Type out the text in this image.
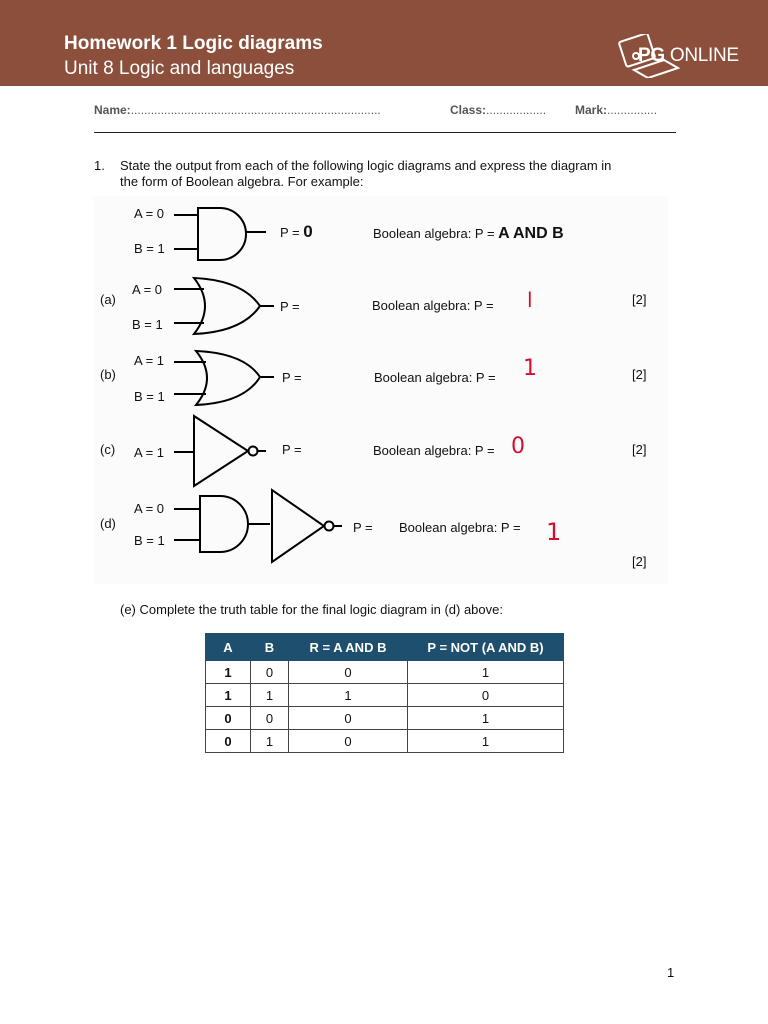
Homework 1 Logic diagrams
Unit 8 Logic and languages
PG ONLINE
Name:...........................................................................	Class:.................. Mark:...............
1. State the output from each of the following logic diagrams and express the diagram in
the form of Boolean algebra. For example:
A = 0
B = 1
P = 0	Boolean algebra: P = A AND B
(a)
A = 0
B = 1
P =	Boolean algebra: P = l	[2]
(b)
A = 1
B = 1
P =	Boolean algebra: P = 1	[2]
(c) A = 1	P =	Boolean algebra: P = 0	[2]
(d)
A = 0
B = 1
P = Boolean algebra: P = 1
[2]
(e) Complete the truth table for the final logic diagram in (d) above:
A	B	R = A AND B	P = NOT (A AND B)
1	0	0	1
1	1	1	0
0	0	0	1
0	1	0	1
1
